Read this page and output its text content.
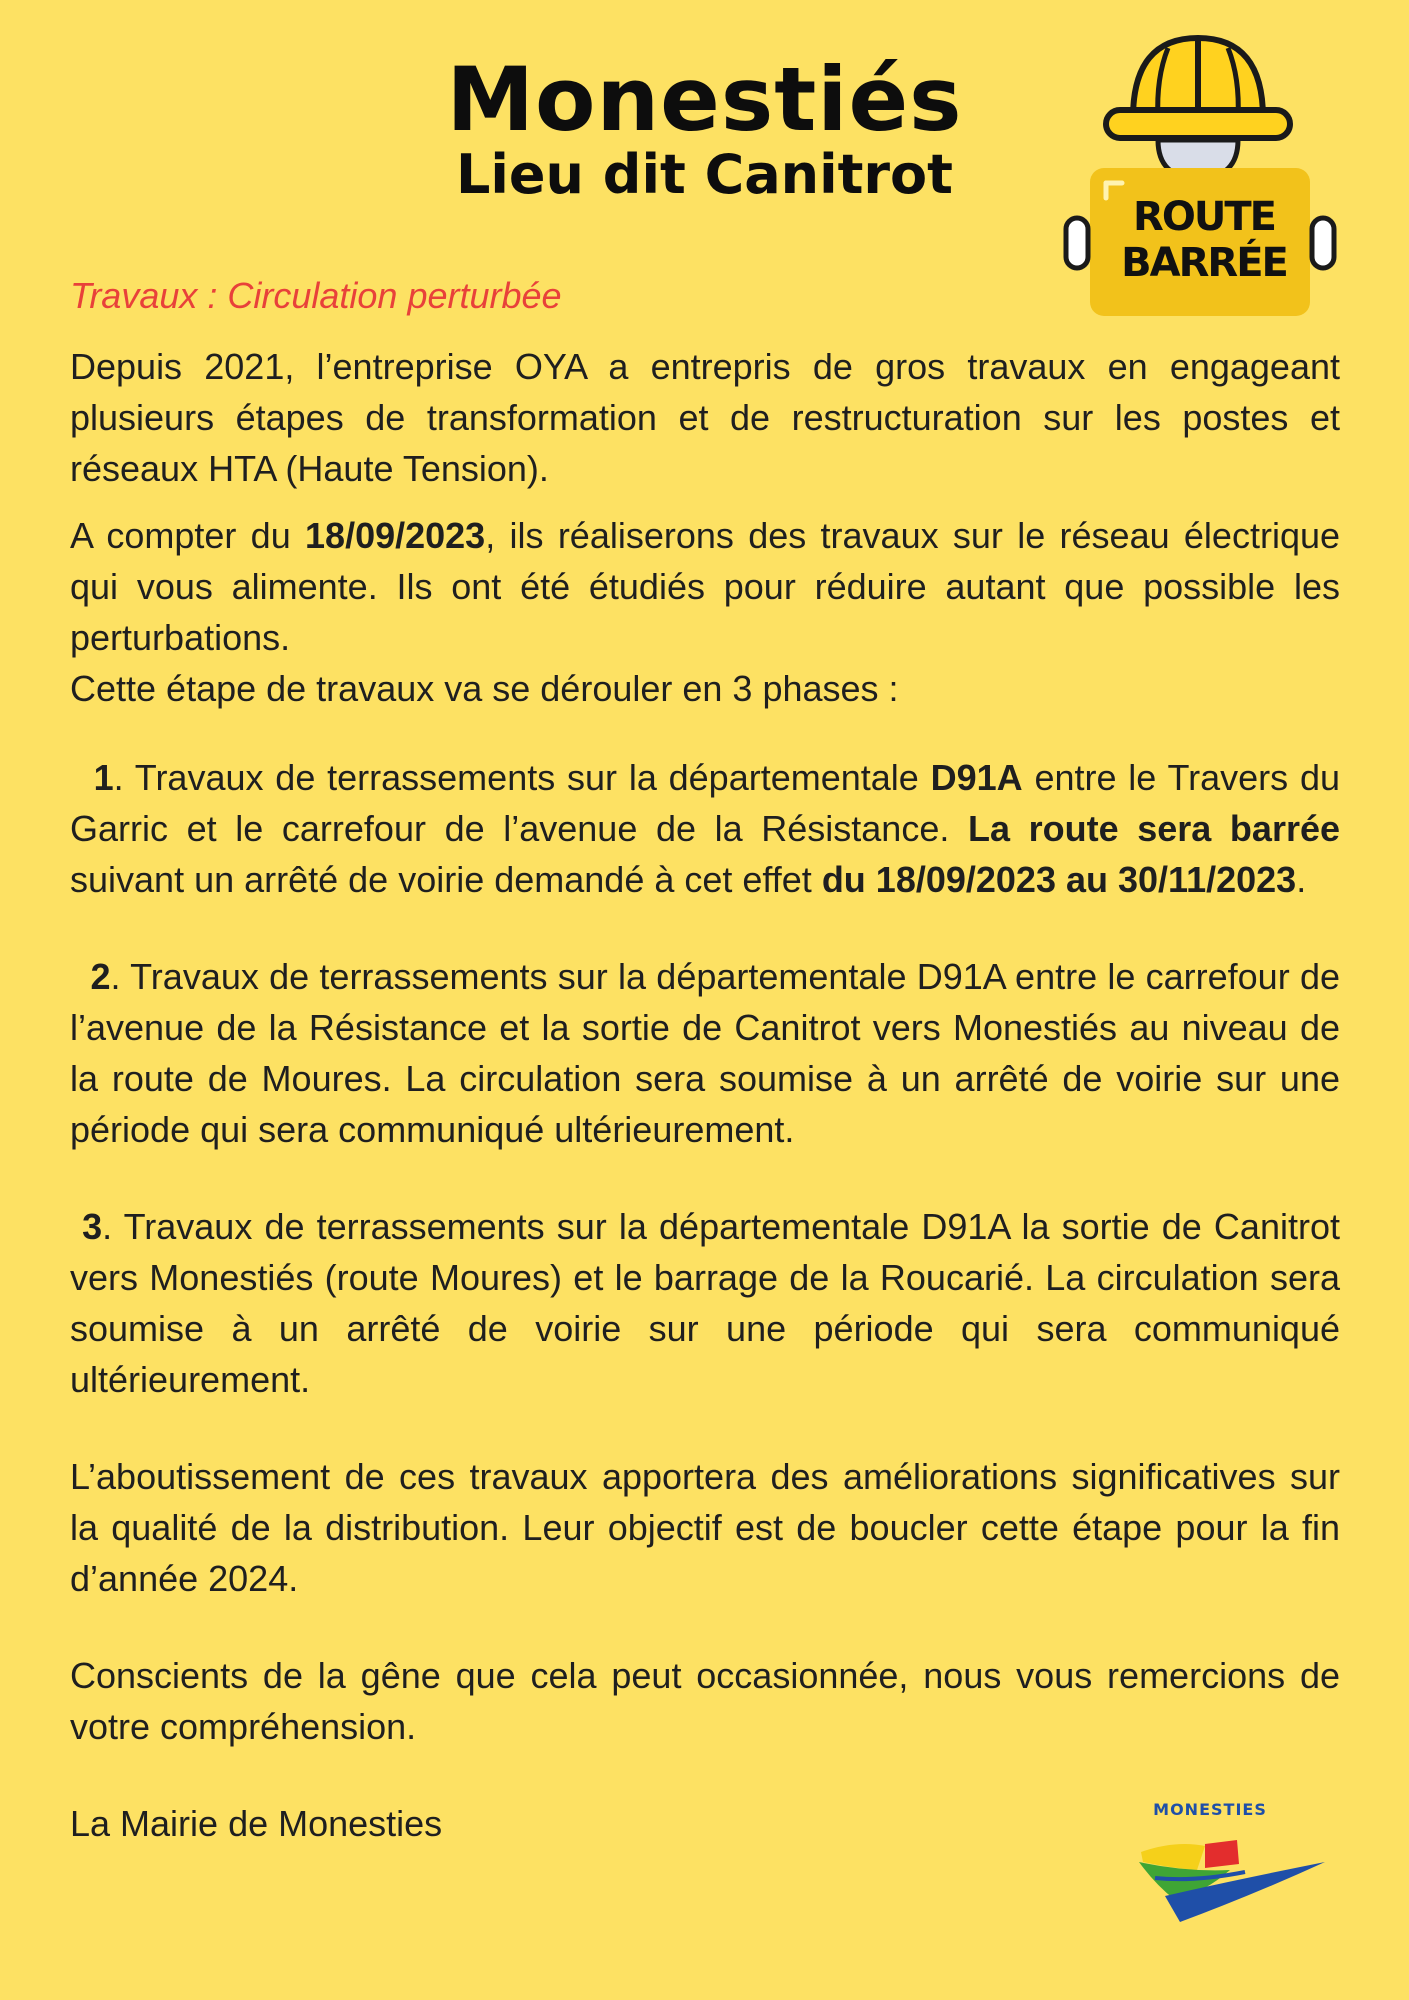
Monestiés
Lieu dit Canitrot
ROUTE
BARRÉE

Travaux : Circulation perturbée

Depuis 2021, l’entreprise OYA a entrepris de gros travaux en engageant plusieurs étapes de transformation et de restructuration sur les postes et réseaux HTA (Haute Tension).

A compter du 18/09/2023, ils réaliserons des travaux sur le réseau électrique qui vous alimente. Ils ont été étudiés pour réduire autant que possible les perturbations.

Cette étape de travaux va se dérouler en 3 phases :

1. Travaux de terrassements sur la départementale D91A entre le Travers du Garric et le carrefour de l’avenue de la Résistance. La route sera barrée suivant un arrêté de voirie demandé à cet effet du 18/09/2023 au 30/11/2023.

2. Travaux de terrassements sur la départementale D91A entre le carrefour de l’avenue de la Résistance et la sortie de Canitrot vers Monestiés au niveau de la route de Moures. La circulation sera soumise à un arrêté de voirie sur une période qui sera communiqué ultérieurement.

3. Travaux de terrassements sur la départementale D91A la sortie de Canitrot vers Monestiés (route Moures) et le barrage de la Roucarié. La circulation sera soumise à un arrêté de voirie sur une période qui sera communiqué ultérieurement.

L’aboutissement de ces travaux apportera des améliorations significatives sur la qualité de la distribution. Leur objectif est de boucler cette étape pour la fin d’année 2024.

Conscients de la gêne que cela peut occasionnée, nous vous remercions de votre compréhension.

La Mairie de Monesties	MONESTIES
